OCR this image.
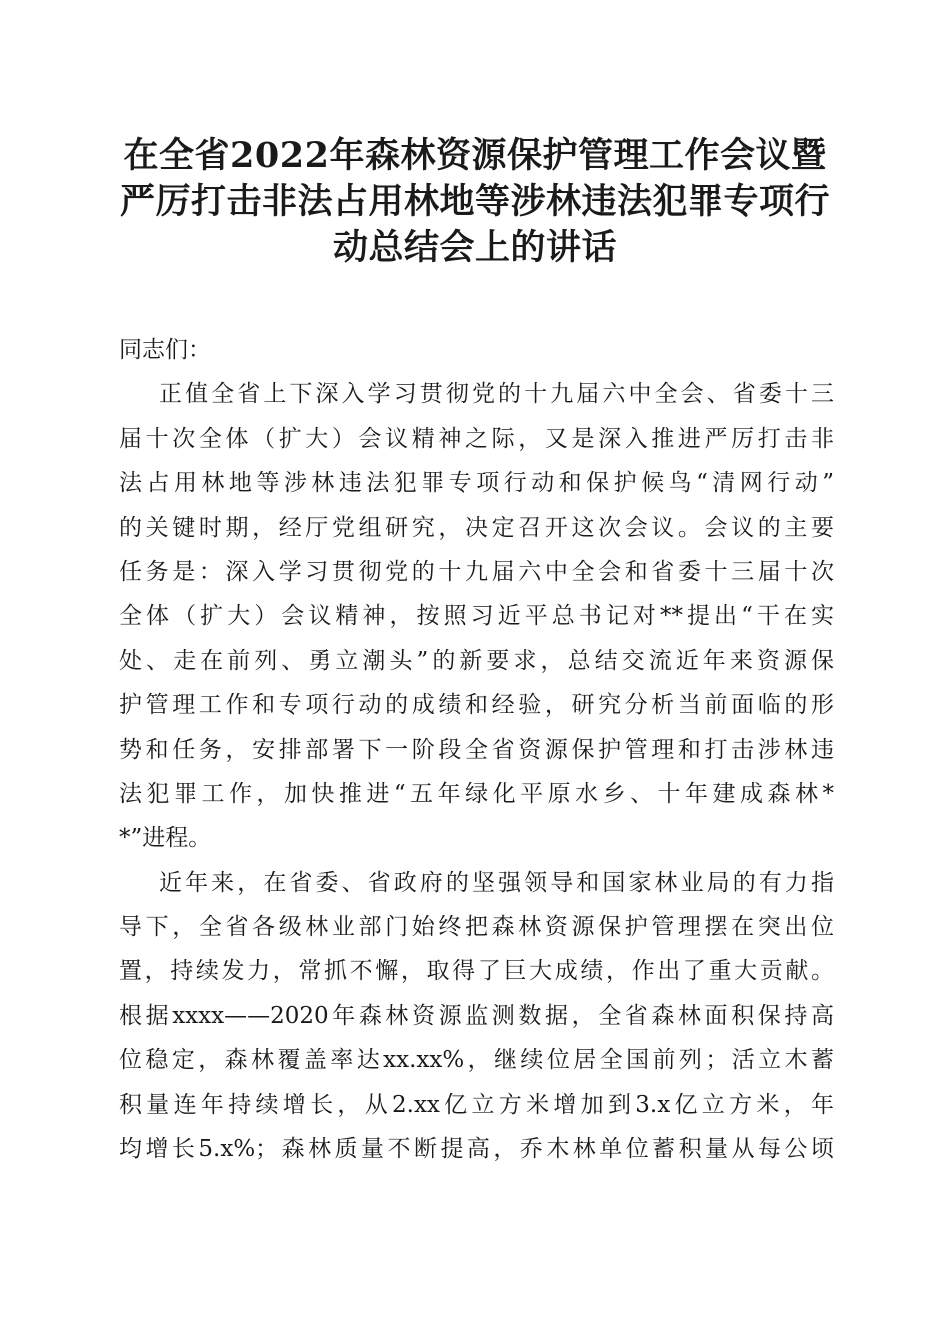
在全省2022年森林资源保护管理工作会议暨
严厉打击非法占用林地等涉林违法犯罪专项行
动总结会上的讲话
同志们：
正值全省上下深入学习贯彻党的十九届六中全会、省委十三
届十次全体（扩大）会议精神之际，又是深入推进严厉打击非
法占用林地等涉林违法犯罪专项行动和保护候鸟“清网行动”
的关键时期，经厅党组研究，决定召开这次会议。会议的主要
任务是：深入学习贯彻党的十九届六中全会和省委十三届十次
全体（扩大）会议精神，按照习近平总书记对**提出“干在实
处、走在前列、勇立潮头”的新要求，总结交流近年来资源保
护管理工作和专项行动的成绩和经验，研究分析当前面临的形
势和任务，安排部署下一阶段全省资源保护管理和打击涉林违
法犯罪工作，加快推进“五年绿化平原水乡、十年建成森林*
*”进程。
近年来，在省委、省政府的坚强领导和国家林业局的有力指
导下，全省各级林业部门始终把森林资源保护管理摆在突出位
置，持续发力，常抓不懈，取得了巨大成绩，作出了重大贡献。
根据xxxx——2020年森林资源监测数据，全省森林面积保持高
位稳定，森林覆盖率达xx.xx%，继续位居全国前列；活立木蓄
积量连年持续增长，从2.xx亿立方米增加到3.x亿立方米，年
均增长5.x%；森林质量不断提高，乔木林单位蓄积量从每公顷
